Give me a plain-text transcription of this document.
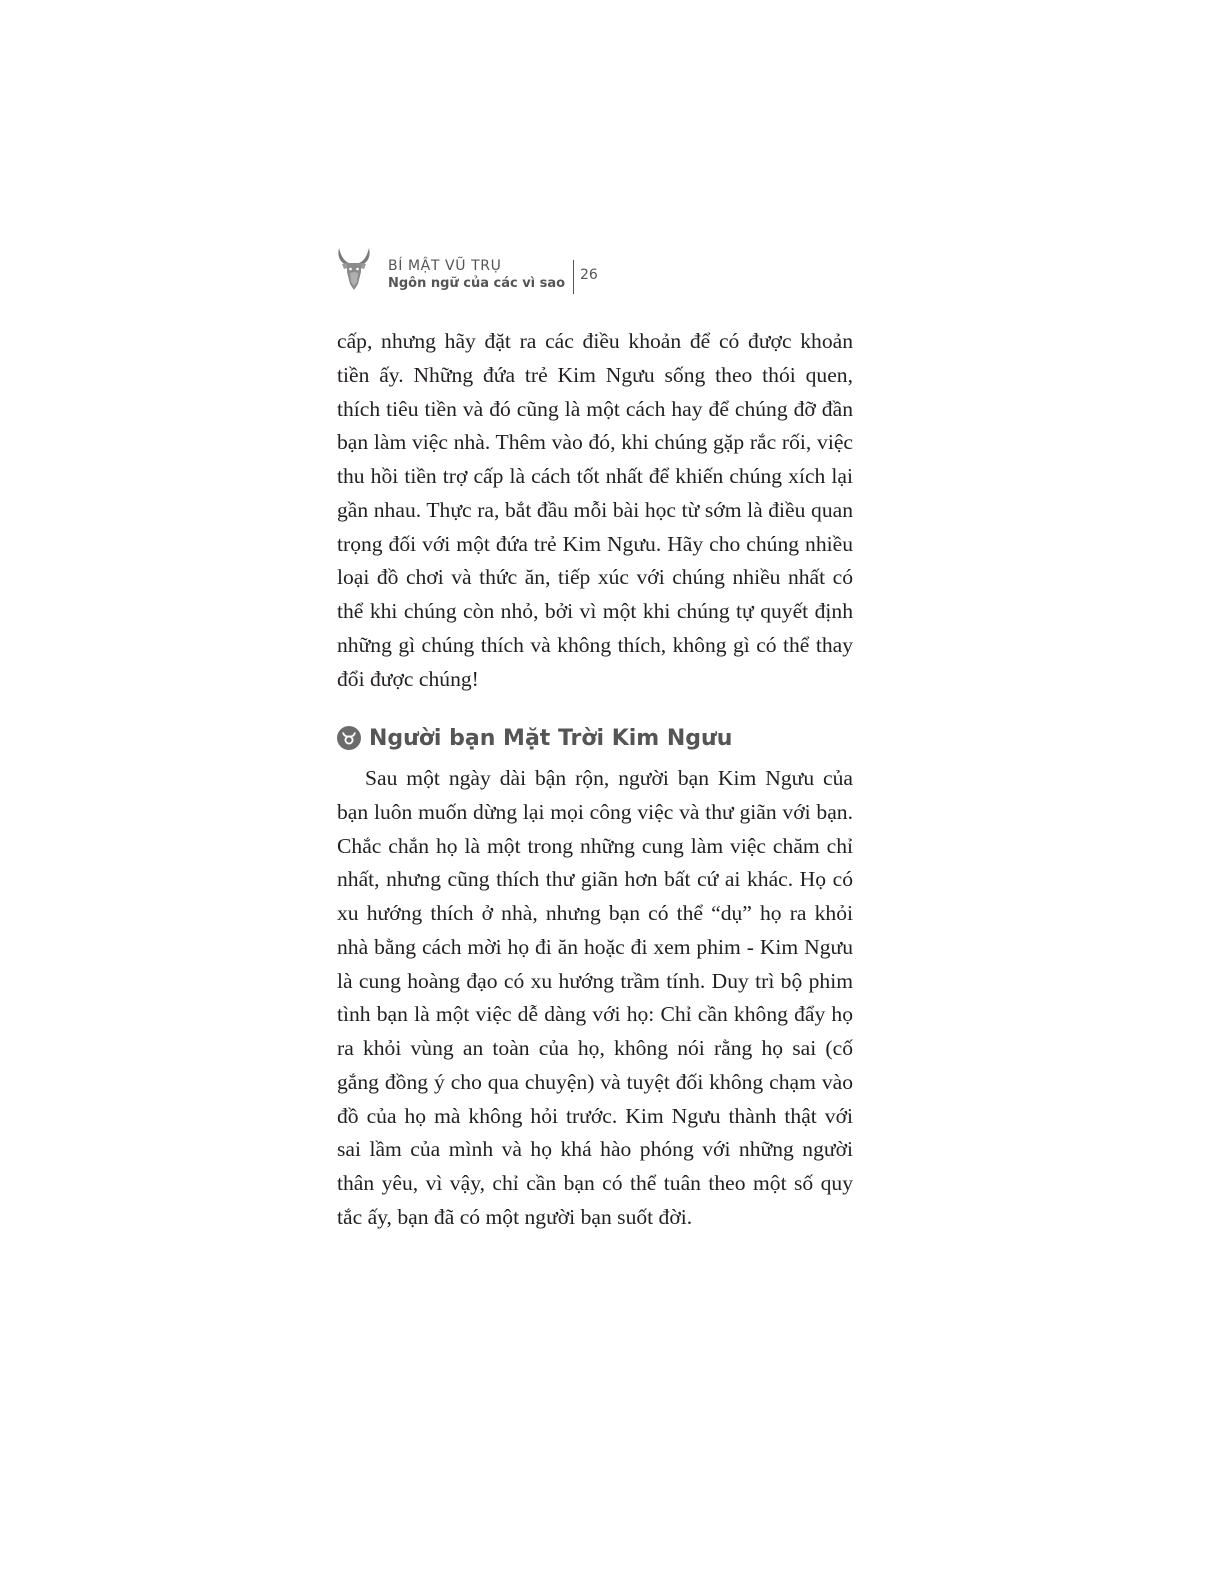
BÍ MẬT VŨ TRỤ
Ngôn ngữ của các vì sao
26
cấp, nhưng hãy đặt ra các điều khoản để có được khoản tiền ấy. Những đứa trẻ Kim Ngưu sống theo thói quen, thích tiêu tiền và đó cũng là một cách hay để chúng đỡ đần bạn làm việc nhà. Thêm vào đó, khi chúng gặp rắc rối, việc thu hồi tiền trợ cấp là cách tốt nhất để khiến chúng xích lại gần nhau. Thực ra, bắt đầu mỗi bài học từ sớm là điều quan trọng đối với một đứa trẻ Kim Ngưu. Hãy cho chúng nhiều loại đồ chơi và thức ăn, tiếp xúc với chúng nhiều nhất có thể khi chúng còn nhỏ, bởi vì một khi chúng tự quyết định những gì chúng thích và không thích, không gì có thể thay đổi được chúng!
Người bạn Mặt Trời Kim Ngưu
Sau một ngày dài bận rộn, người bạn Kim Ngưu của bạn luôn muốn dừng lại mọi công việc và thư giãn với bạn. Chắc chắn họ là một trong những cung làm việc chăm chỉ nhất, nhưng cũng thích thư giãn hơn bất cứ ai khác. Họ có xu hướng thích ở nhà, nhưng bạn có thể “dụ” họ ra khỏi nhà bằng cách mời họ đi ăn hoặc đi xem phim - Kim Ngưu là cung hoàng đạo có xu hướng trầm tính. Duy trì bộ phim tình bạn là một việc dễ dàng với họ: Chỉ cần không đẩy họ ra khỏi vùng an toàn của họ, không nói rằng họ sai (cố gắng đồng ý cho qua chuyện) và tuyệt đối không chạm vào đồ của họ mà không hỏi trước. Kim Ngưu thành thật với sai lầm của mình và họ khá hào phóng với những người thân yêu, vì vậy, chỉ cần bạn có thể tuân theo một số quy tắc ấy, bạn đã có một người bạn suốt đời.
